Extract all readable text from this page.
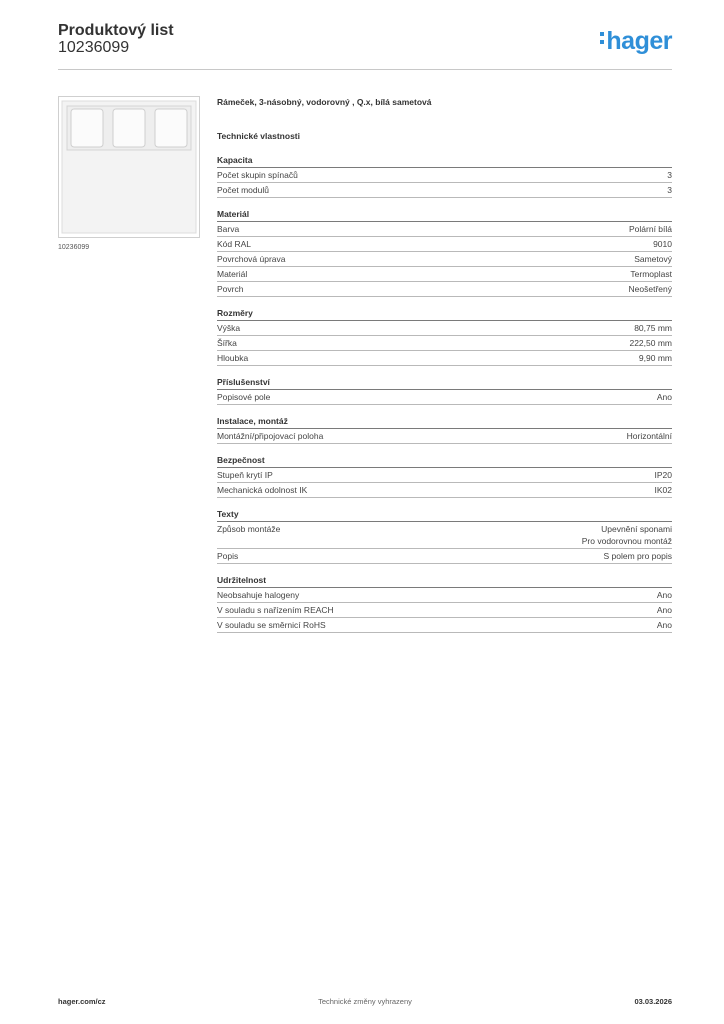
Produktový list
10236099	hager
10236099
Rámeček, 3-násobný, vodorovný , Q.x, bílá sametová
Technické vlastnosti
Kapacita
Počet skupin spínačů	3
Počet modulů	3
Materiál
Barva	Polární bílá
Kód RAL	9010
Povrchová úprava	Sametový
Materiál	Termoplast
Povrch	Neošetřený
Rozměry
Výška	80,75 mm
Šířka	222,50 mm
Hloubka	9,90 mm
Příslušenství
Popisové pole	Ano
Instalace, montáž
Montážní/připojovací poloha	Horizontální
Bezpečnost
Stupeň krytí IP	IP20
Mechanická odolnost IK	IK02
Texty
Způsob montáže	Upevnění sponami
Pro vodorovnou montáž
Popis	S polem pro popis
Udržitelnost
Neobsahuje halogeny	Ano
V souladu s nařízením REACH	Ano
V souladu se směrnicí RoHS	Ano
hager.com/cz	Technické změny vyhrazeny	03.03.2026
